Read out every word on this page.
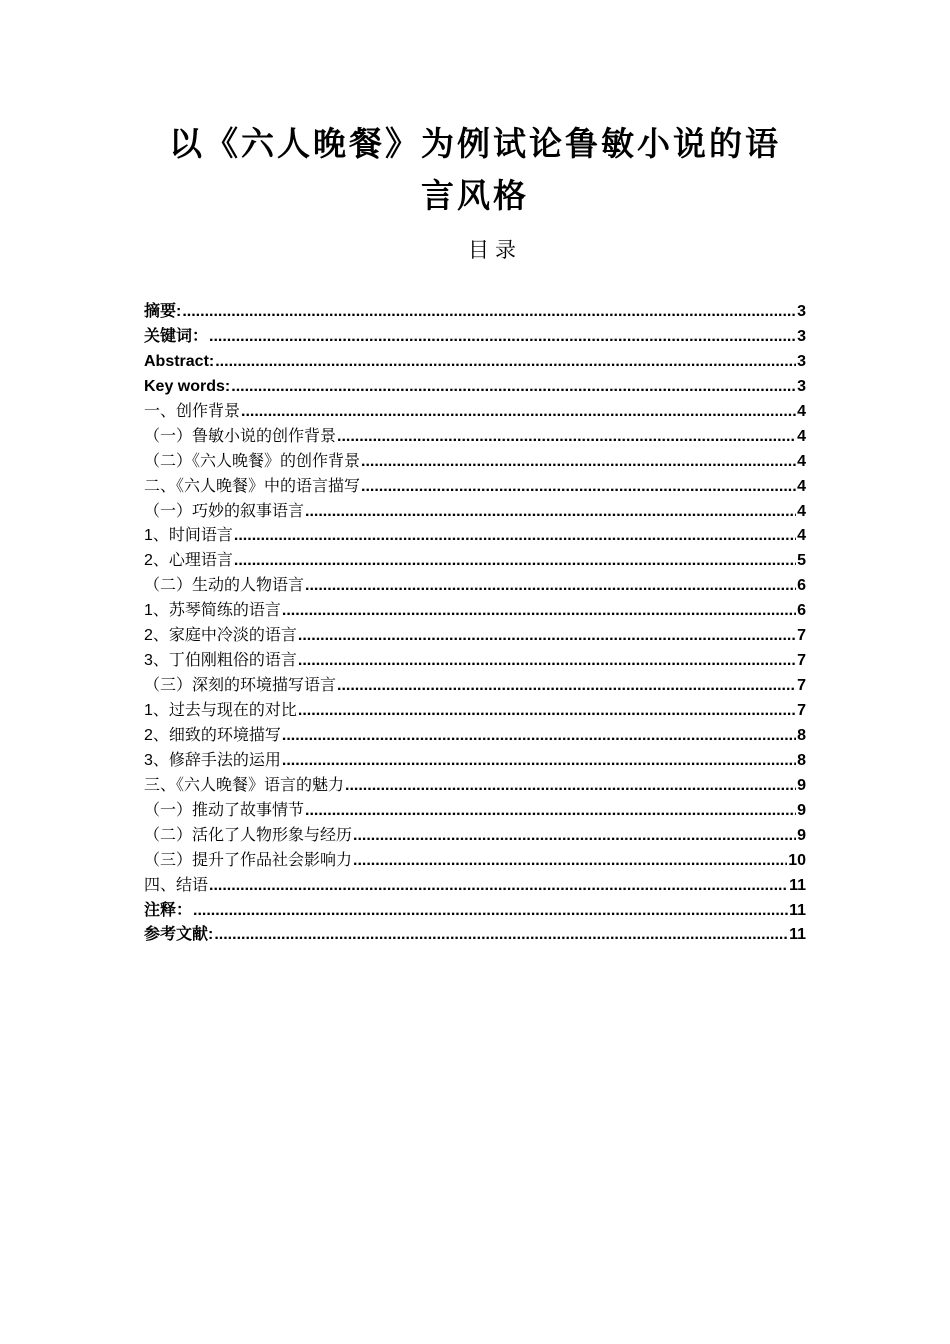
以《六人晚餐》为例试论鲁敏小说的语
言风格
目录
摘要: .....	3
关键词： .....	3
Abstract: .....	3
Key words: .....	3
一、创作背景 .....	4
（一）鲁敏小说的创作背景 .....	4
（二）《六人晚餐》的创作背景 .....	4
二、《六人晚餐》中的语言描写 .....	4
（一）巧妙的叙事语言 .....	4
1、时间语言 .....	4
2、心理语言 .....	5
（二）生动的人物语言 .....	6
1、苏琴简练的语言 .....	6
2、家庭中冷淡的语言 .....	7
3、丁伯刚粗俗的语言 .....	7
（三）深刻的环境描写语言 .....	7
1、过去与现在的对比 .....	7
2、细致的环境描写 .....	8
3、修辞手法的运用 .....	8
三、《六人晚餐》语言的魅力 .....	9
（一）推动了故事情节 .....	9
（二）活化了人物形象与经历 .....	9
（三）提升了作品社会影响力 .....	10
四、结语 .....	11
注释： .....	11
参考文献: .....	11
